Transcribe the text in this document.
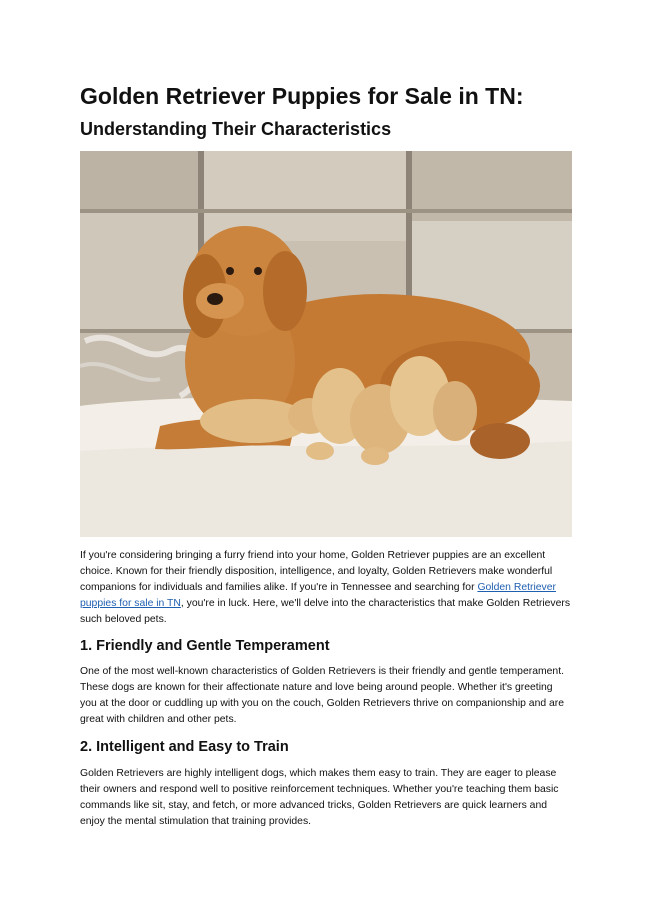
Golden Retriever Puppies for Sale in TN:
Understanding Their Characteristics

If you're considering bringing a furry friend into your home, Golden Retriever puppies are an excellent choice. Known for their friendly disposition, intelligence, and loyalty, Golden Retrievers make wonderful companions for individuals and families alike. If you're in Tennessee and searching for Golden Retriever puppies for sale in TN, you're in luck. Here, we'll delve into the characteristics that make Golden Retrievers such beloved pets.

1. Friendly and Gentle Temperament

One of the most well-known characteristics of Golden Retrievers is their friendly and gentle temperament. These dogs are known for their affectionate nature and love being around people. Whether it's greeting you at the door or cuddling up with you on the couch, Golden Retrievers thrive on companionship and are great with children and other pets.

2. Intelligent and Easy to Train

Golden Retrievers are highly intelligent dogs, which makes them easy to train. They are eager to please their owners and respond well to positive reinforcement techniques. Whether you're teaching them basic commands like sit, stay, and fetch, or more advanced tricks, Golden Retrievers are quick learners and enjoy the mental stimulation that training provides.
